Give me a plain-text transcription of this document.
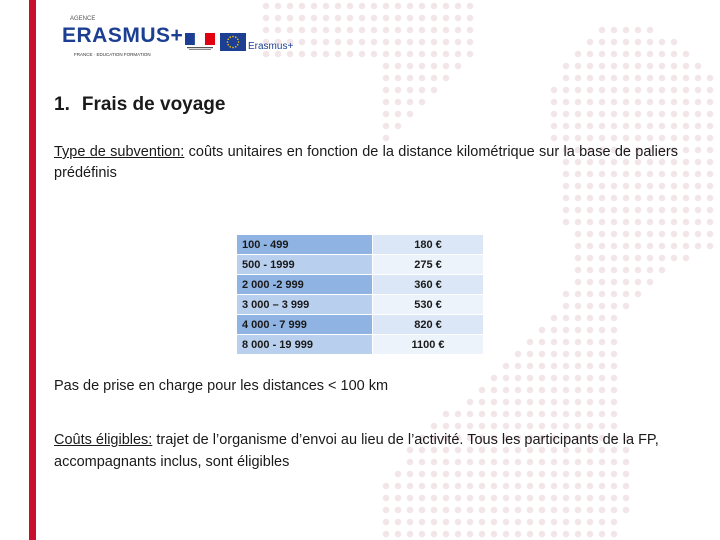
AGENCE
ERASMUS+
FRANCE · EDUCATION FORMATION
Erasmus+
1. Frais de voyage
Type de subvention: coûts unitaires en fonction de la distance kilométrique sur la base de paliers prédéfinis
100 - 499	180 €
500 - 1999	275 €
2 000 -2 999	360 €
3 000 – 3 999	530 €
4 000 - 7 999	820 €
8 000 - 19 999	1100 €
Pas de prise en charge pour les distances < 100 km
Coûts éligibles: trajet de l’organisme d’envoi au lieu de l’activité. Tous les participants de la FP, accompagnants inclus, sont éligibles
